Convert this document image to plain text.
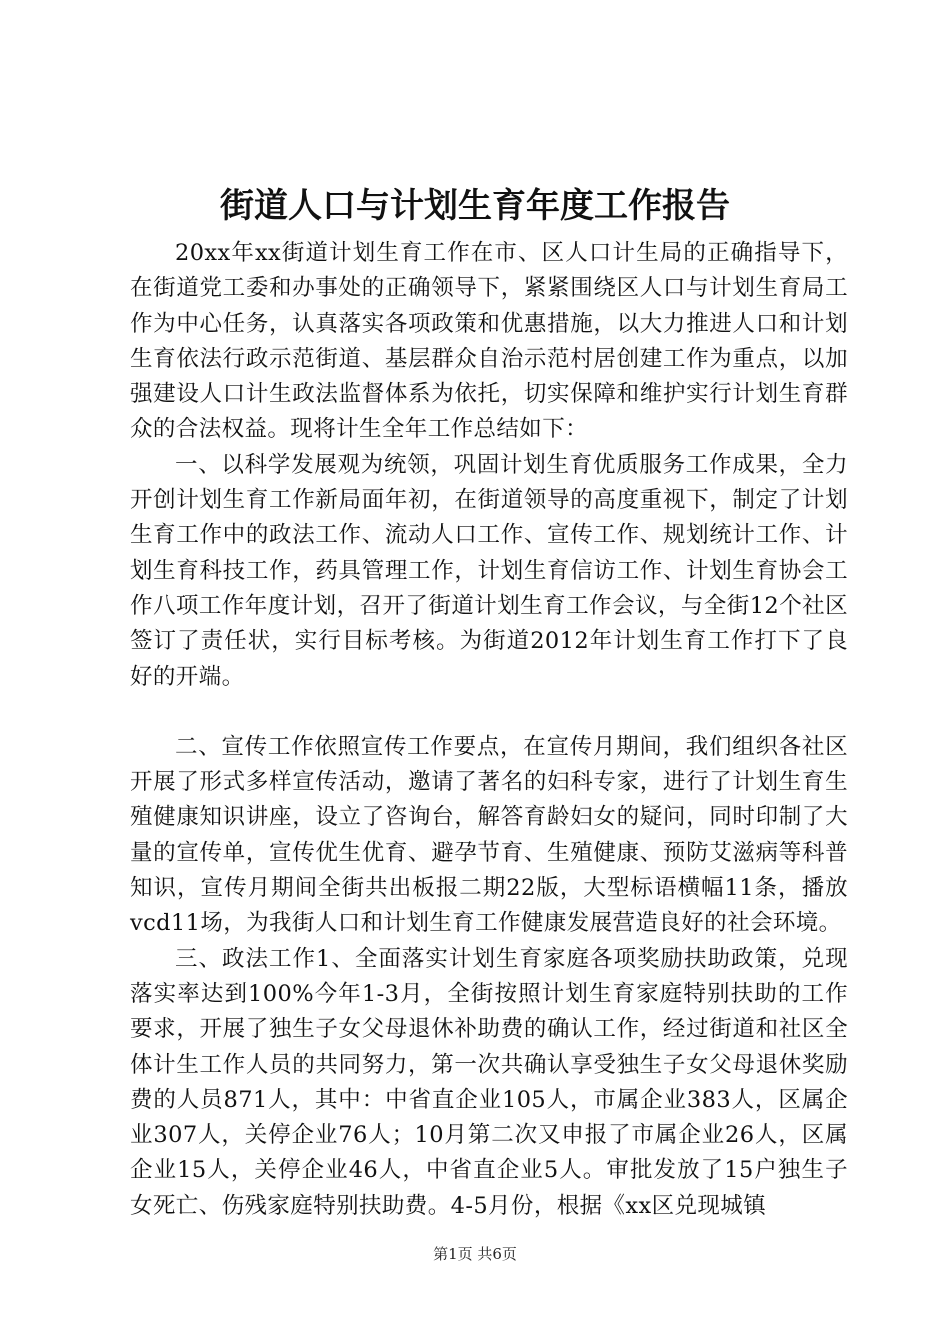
街道人口与计划生育年度工作报告

20xx年xx街道计划生育工作在市、区人口计生局的正确指导下，在街道党工委和办事处的正确领导下，紧紧围绕区人口与计划生育局工作为中心任务，认真落实各项政策和优惠措施，以大力推进人口和计划生育依法行政示范街道、基层群众自治示范村居创建工作为重点，以加强建设人口计生政法监督体系为依托，切实保障和维护实行计划生育群众的合法权益。现将计生全年工作总结如下：

一、以科学发展观为统领，巩固计划生育优质服务工作成果，全力开创计划生育工作新局面年初，在街道领导的高度重视下，制定了计划生育工作中的政法工作、流动人口工作、宣传工作、规划统计工作、计划生育科技工作，药具管理工作，计划生育信访工作、计划生育协会工作八项工作年度计划，召开了街道计划生育工作会议，与全街12个社区签订了责任状，实行目标考核。为街道2012年计划生育工作打下了良好的开端。

二、宣传工作依照宣传工作要点，在宣传月期间，我们组织各社区开展了形式多样宣传活动，邀请了著名的妇科专家，进行了计划生育生殖健康知识讲座，设立了咨询台，解答育龄妇女的疑问，同时印制了大量的宣传单，宣传优生优育、避孕节育、生殖健康、预防艾滋病等科普知识，宣传月期间全街共出板报二期22版，大型标语横幅11条，播放vcd11场，为我街人口和计划生育工作健康发展营造良好的社会环境。

三、政法工作1、全面落实计划生育家庭各项奖励扶助政策，兑现落实率达到100%今年1-3月，全街按照计划生育家庭特别扶助的工作要求，开展了独生子女父母退休补助费的确认工作，经过街道和社区全体计生工作人员的共同努力，第一次共确认享受独生子女父母退休奖励费的人员871人，其中：中省直企业105人，市属企业383人，区属企业307人，关停企业76人；10月第二次又申报了市属企业26人，区属企业15人，关停企业46人，中省直企业5人。审批发放了15户独生子女死亡、伤残家庭特别扶助费。4-5月份，根据《xx区兑现城镇

第1页 共6页
